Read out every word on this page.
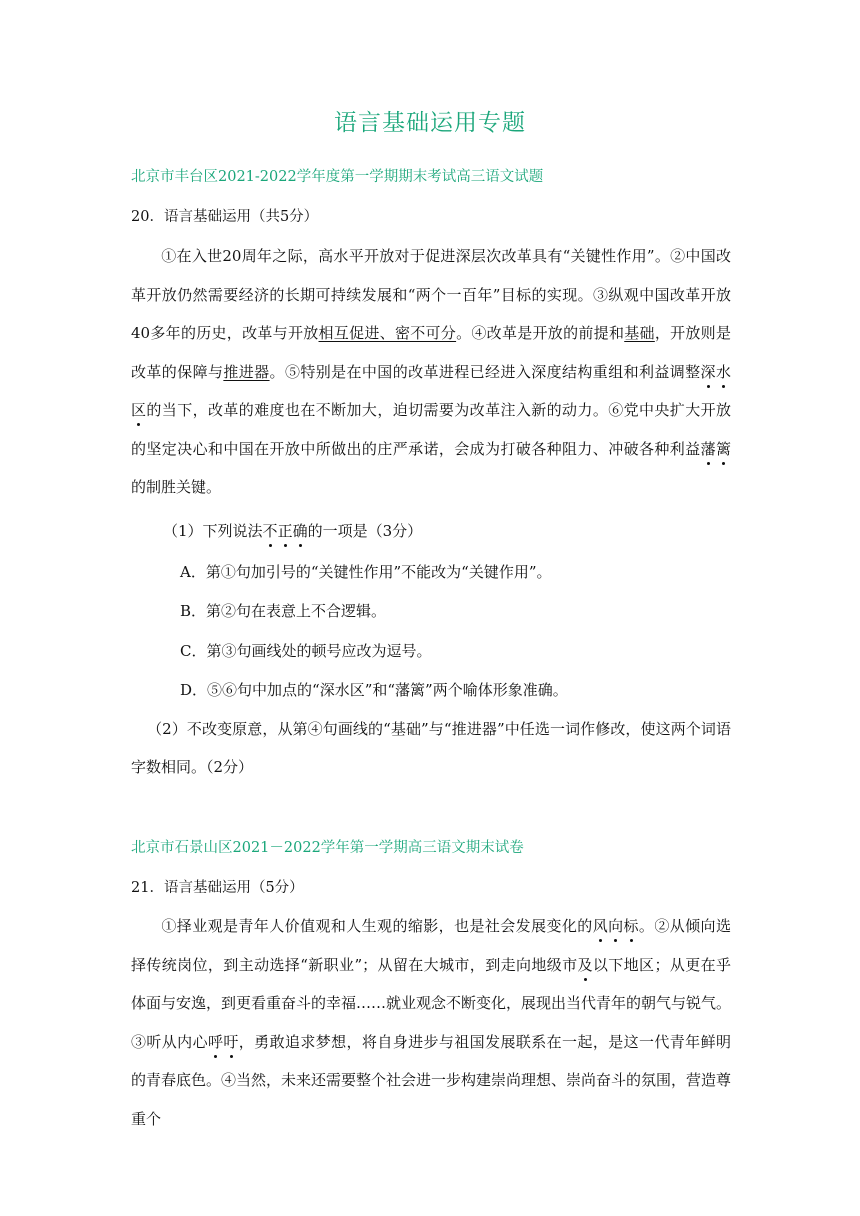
语言基础运用专题
北京市丰台区2021-2022学年度第一学期期末考试高三语文试题
20．语言基础运用（共5分）
①在入世20周年之际，高水平开放对于促进深层次改革具有“关键性作用”。②中国改革开放仍然需要经济的长期可持续发展和“两个一百年”目标的实现。③纵观中国改革开放40多年的历史，改革与开放相互促进、密不可分。④改革是开放的前提和基础，开放则是改革的保障与推进器。⑤特别是在中国的改革进程已经进入深度结构重组和利益调整深水区的当下，改革的难度也在不断加大，迫切需要为改革注入新的动力。⑥党中央扩大开放的坚定决心和中国在开放中所做出的庄严承诺，会成为打破各种阻力、冲破各种利益藩篱的制胜关键。
（1）下列说法不正确的一项是（3分）
A．第①句加引号的“关键性作用”不能改为“关键作用”。
B．第②句在表意上不合逻辑。
C．第③句画线处的顿号应改为逗号。
D．⑤⑥句中加点的“深水区”和“藩篱”两个喻体形象准确。
（2）不改变原意，从第④句画线的“基础”与“推进器”中任选一词作修改，使这两个词语字数相同。（2分）
北京市石景山区2021－2022学年第一学期高三语文期末试卷
21．语言基础运用（5分）
①择业观是青年人价值观和人生观的缩影，也是社会发展变化的风向标。②从倾向选择传统岗位，到主动选择“新职业”；从留在大城市，到走向地级市及以下地区；从更在乎体面与安逸，到更看重奋斗的幸福……就业观念不断变化，展现出当代青年的朝气与锐气。③听从内心呼吁，勇敢追求梦想，将自身进步与祖国发展联系在一起，是这一代青年鲜明的青春底色。④当然，未来还需要整个社会进一步构建崇尚理想、崇尚奋斗的氛围，营造尊重个
